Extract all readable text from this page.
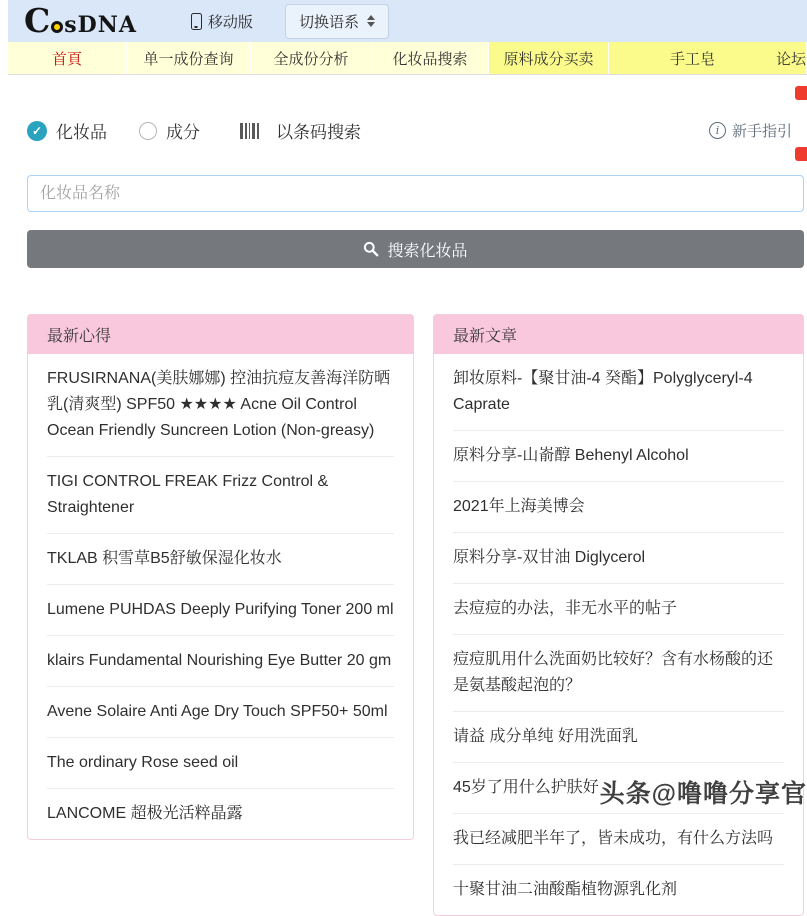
C sDNA	移动版	切换语系
首頁	单一成份查询	全成份分析	化妆品搜索 原料成分买卖	手工皂	论坛
✓ 化妆品	成分	以条码搜索	i 新手指引
化妆品名称
搜索化妆品
最新心得
FRUSIRNANA(美肤娜娜) 控油抗痘友善海洋防晒乳(清爽型) SPF50 ★★★★ Acne Oil Control Ocean Friendly Suncreen Lotion (Non-greasy)
TIGI CONTROL FREAK Frizz Control & Straightener
TKLAB 积雪草B5舒敏保湿化妆水
Lumene PUHDAS Deeply Purifying Toner 200 ml
klairs Fundamental Nourishing Eye Butter 20 gm
Avene Solaire Anti Age Dry Touch SPF50+ 50ml
The ordinary Rose seed oil
LANCOME 超极光活粹晶露
最新文章
卸妆原料-【聚甘油-4 癸酯】Polyglyceryl-4 Caprate
原料分享-山嵛醇 Behenyl Alcohol
2021年上海美博会
原料分享-双甘油 Diglycerol
去痘痘的办法，非无水平的帖子
痘痘肌用什么洗面奶比较好？含有水杨酸的还是氨基酸起泡的？
请益 成分单纯 好用洗面乳
45岁了用什么护肤好
我已经减肥半年了，皆未成功，有什么方法吗
十聚甘油二油酸酯植物源乳化剂
头条@噜噜分享官
